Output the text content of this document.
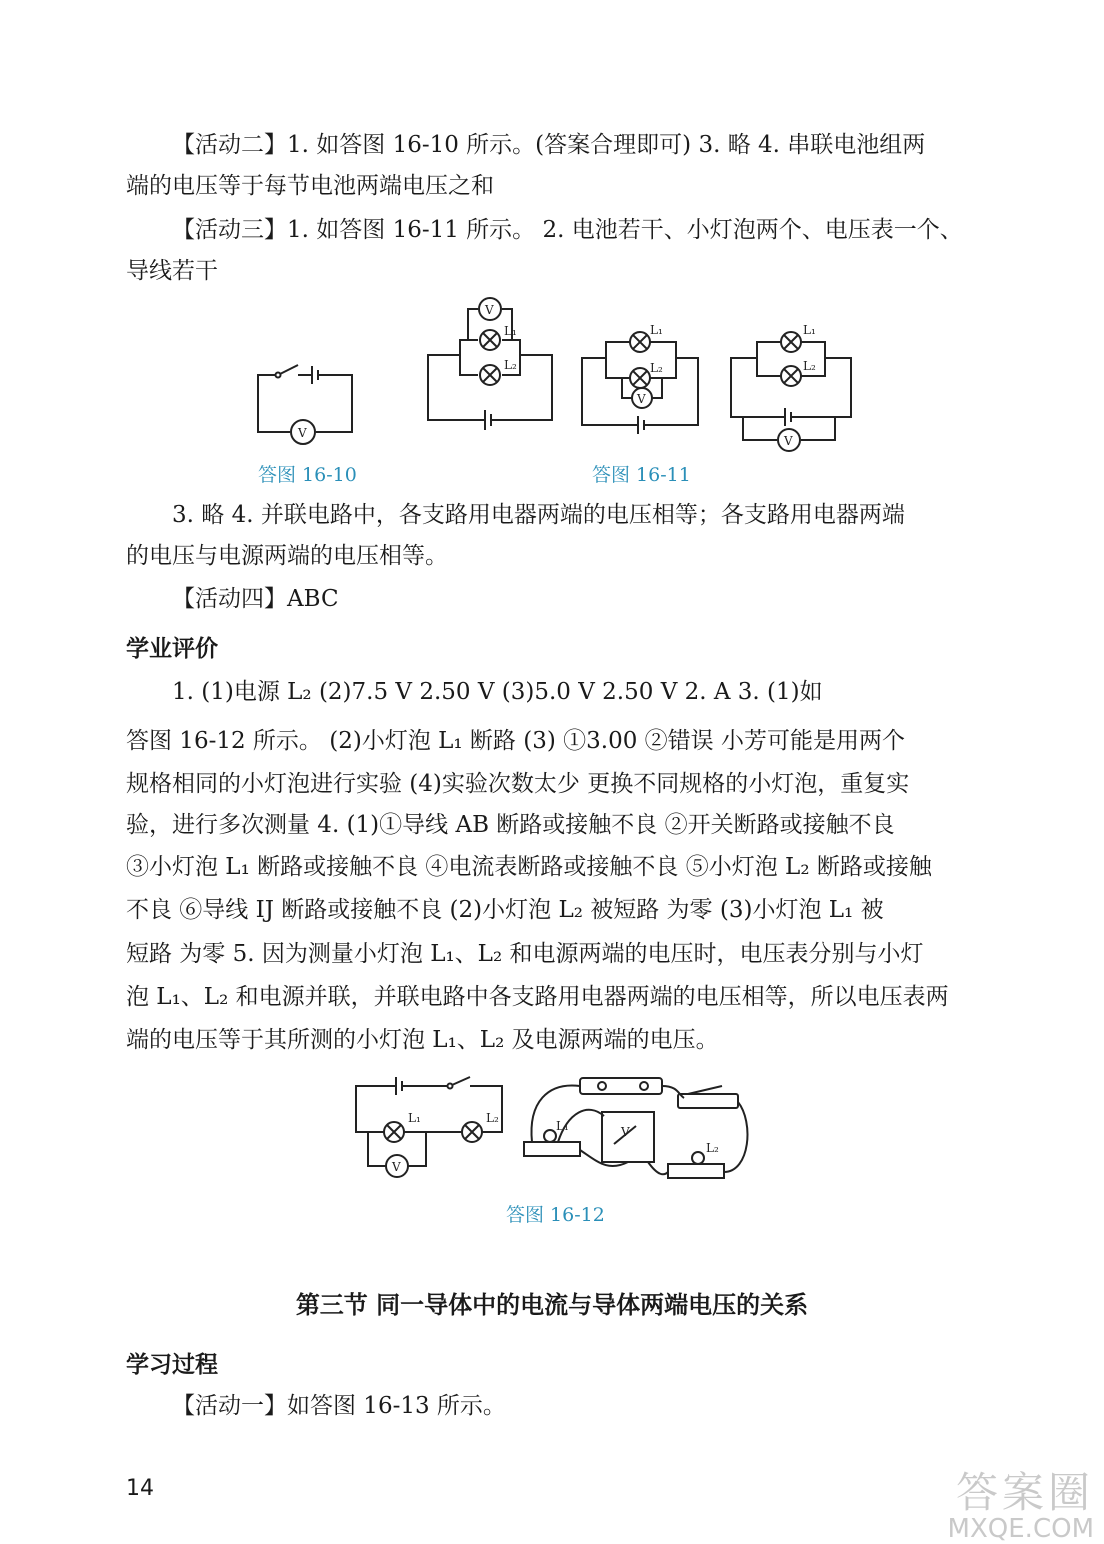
【活动二】1. 如答图 16-10 所示。(答案合理即可) 3. 略 4. 串联电池组两
端的电压等于每节电池两端电压之和
【活动三】1. 如答图 16-11 所示。 2. 电池若干、小灯泡两个、电压表一个、
导线若干
V
答图 16-10
L₁
L₂
V
L₁
L₂
V
L₁
L₂
V
答图 16-11
3. 略 4. 并联电路中，各支路用电器两端的电压相等；各支路用电器两端
的电压与电源两端的电压相等。
【活动四】ABC
学业评价
1. (1)电源 L₂ (2)7.5 V 2.50 V (3)5.0 V 2.50 V 2. A 3. (1)如
答图 16-12 所示。 (2)小灯泡 L₁ 断路 (3) ①3.00 ②错误 小芳可能是用两个
规格相同的小灯泡进行实验 (4)实验次数太少 更换不同规格的小灯泡，重复实
验，进行多次测量 4. (1)①导线 AB 断路或接触不良 ②开关断路或接触不良
③小灯泡 L₁ 断路或接触不良 ④电流表断路或接触不良 ⑤小灯泡 L₂ 断路或接触
不良 ⑥导线 IJ 断路或接触不良 (2)小灯泡 L₂ 被短路 为零 (3)小灯泡 L₁ 被
短路 为零 5. 因为测量小灯泡 L₁、L₂ 和电源两端的电压时，电压表分别与小灯
泡 L₁、L₂ 和电源并联，并联电路中各支路用电器两端的电压相等，所以电压表两
端的电压等于其所测的小灯泡 L₁、L₂ 及电源两端的电压。
L₁	L₂
V
V
L₁
L₂
答图 16-12
第三节 同一导体中的电流与导体两端电压的关系
学习过程
【活动一】如答图 16-13 所示。
14	答案圈
MXQE.COM
